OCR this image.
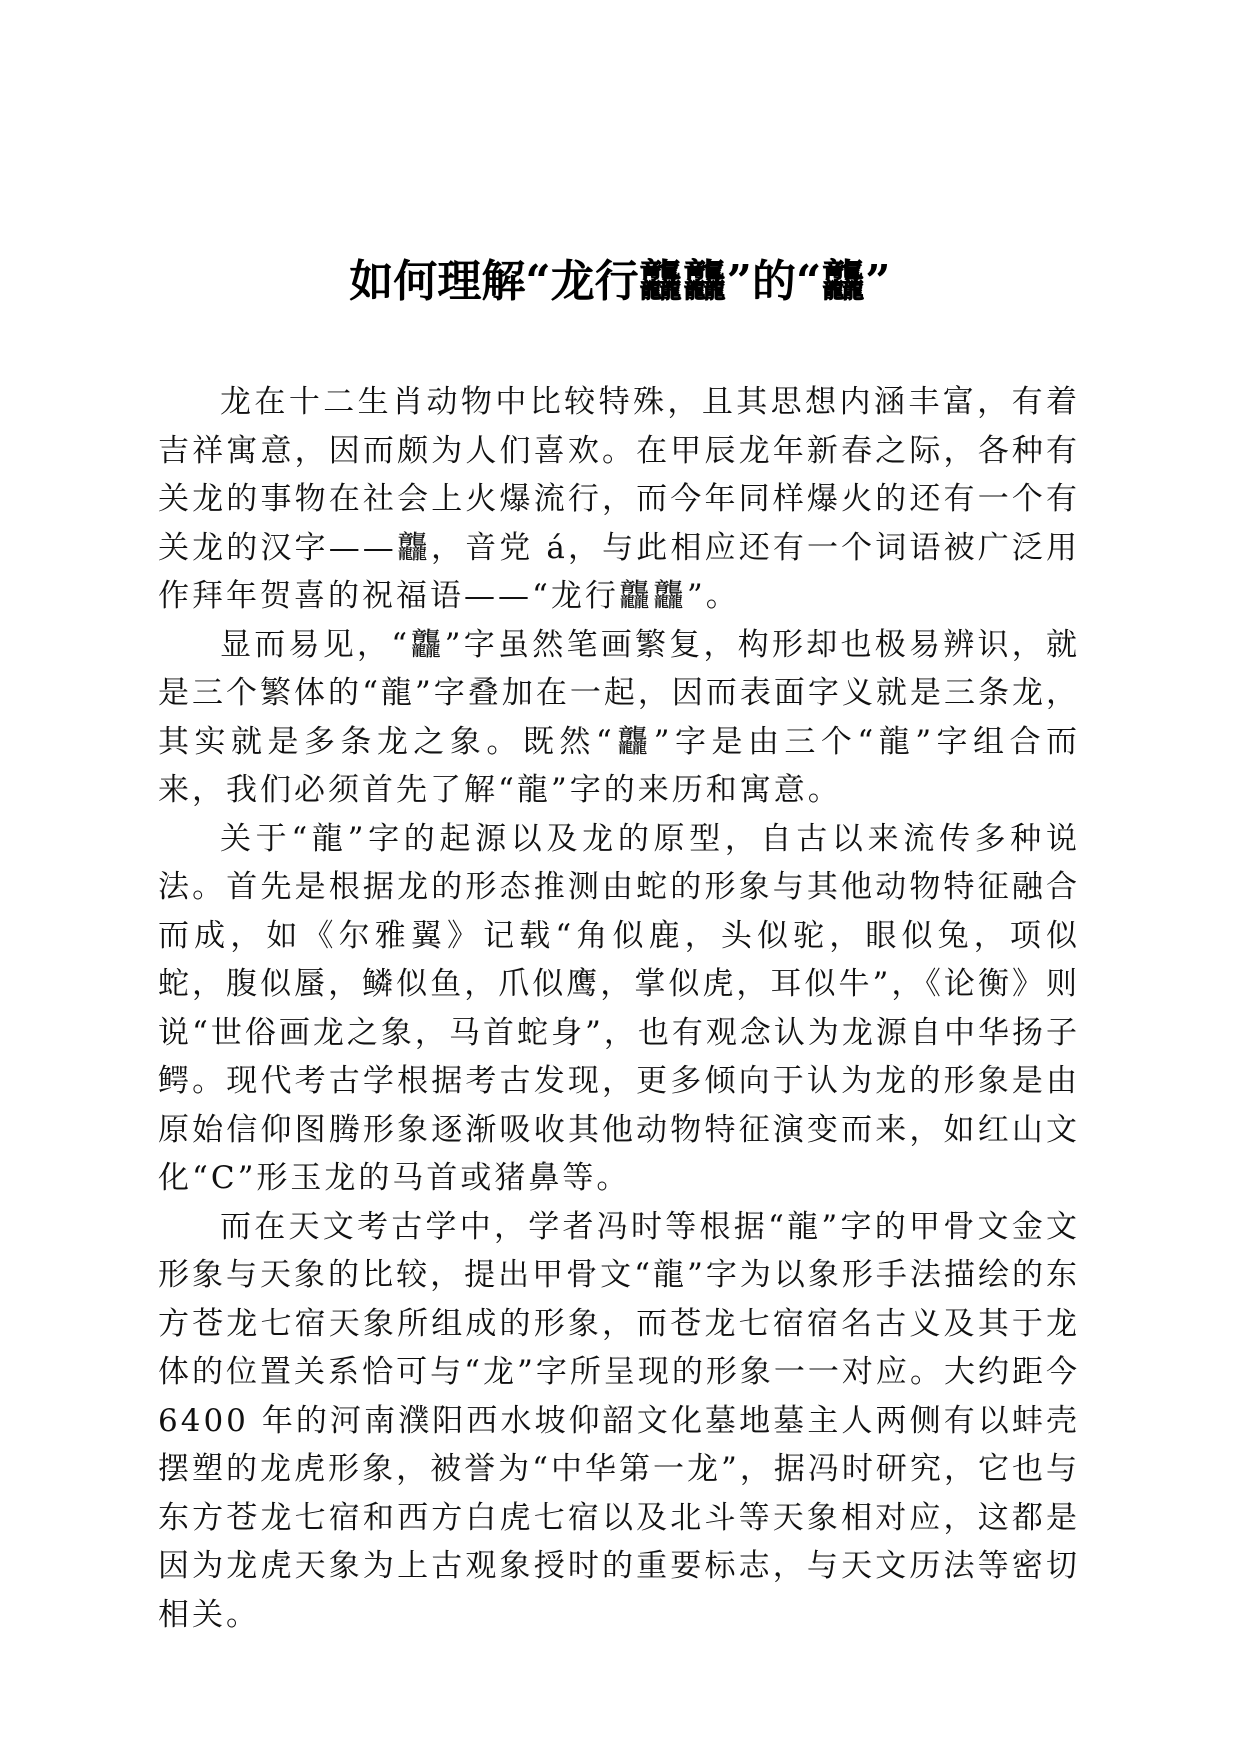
如何理解“龙行龘龘”的“龘”

龙在十二生肖动物中比较特殊，且其思想内涵丰富，有着吉祥寓意，因而颇为人们喜欢。在甲辰龙年新春之际，各种有关龙的事物在社会上火爆流行，而今年同样爆火的还有一个有关龙的汉字——龘，音党 á，与此相应还有一个词语被广泛用作拜年贺喜的祝福语——“龙行龘龘”。

显而易见，“龘”字虽然笔画繁复，构形却也极易辨识，就是三个繁体的“龍”字叠加在一起，因而表面字义就是三条龙，其实就是多条龙之象。既然“龘”字是由三个“龍”字组合而来，我们必须首先了解“龍”字的来历和寓意。

关于“龍”字的起源以及龙的原型，自古以来流传多种说法。首先是根据龙的形态推测由蛇的形象与其他动物特征融合而成，如《尔雅翼》记载“角似鹿，头似驼，眼似兔，项似蛇，腹似蜃，鳞似鱼，爪似鹰，掌似虎，耳似牛”，《论衡》则说“世俗画龙之象，马首蛇身”，也有观念认为龙源自中华扬子鳄。现代考古学根据考古发现，更多倾向于认为龙的形象是由原始信仰图腾形象逐渐吸收其他动物特征演变而来，如红山文化“C”形玉龙的马首或猪鼻等。

而在天文考古学中，学者冯时等根据“龍”字的甲骨文金文形象与天象的比较，提出甲骨文“龍”字为以象形手法描绘的东方苍龙七宿天象所组成的形象，而苍龙七宿宿名古义及其于龙体的位置关系恰可与“龙”字所呈现的形象一一对应。大约距今 6400 年的河南濮阳西水坡仰韶文化墓地墓主人两侧有以蚌壳摆塑的龙虎形象，被誉为“中华第一龙”，据冯时研究，它也与东方苍龙七宿和西方白虎七宿以及北斗等天象相对应，这都是因为龙虎天象为上古观象授时的重要标志，与天文历法等密切相关。
